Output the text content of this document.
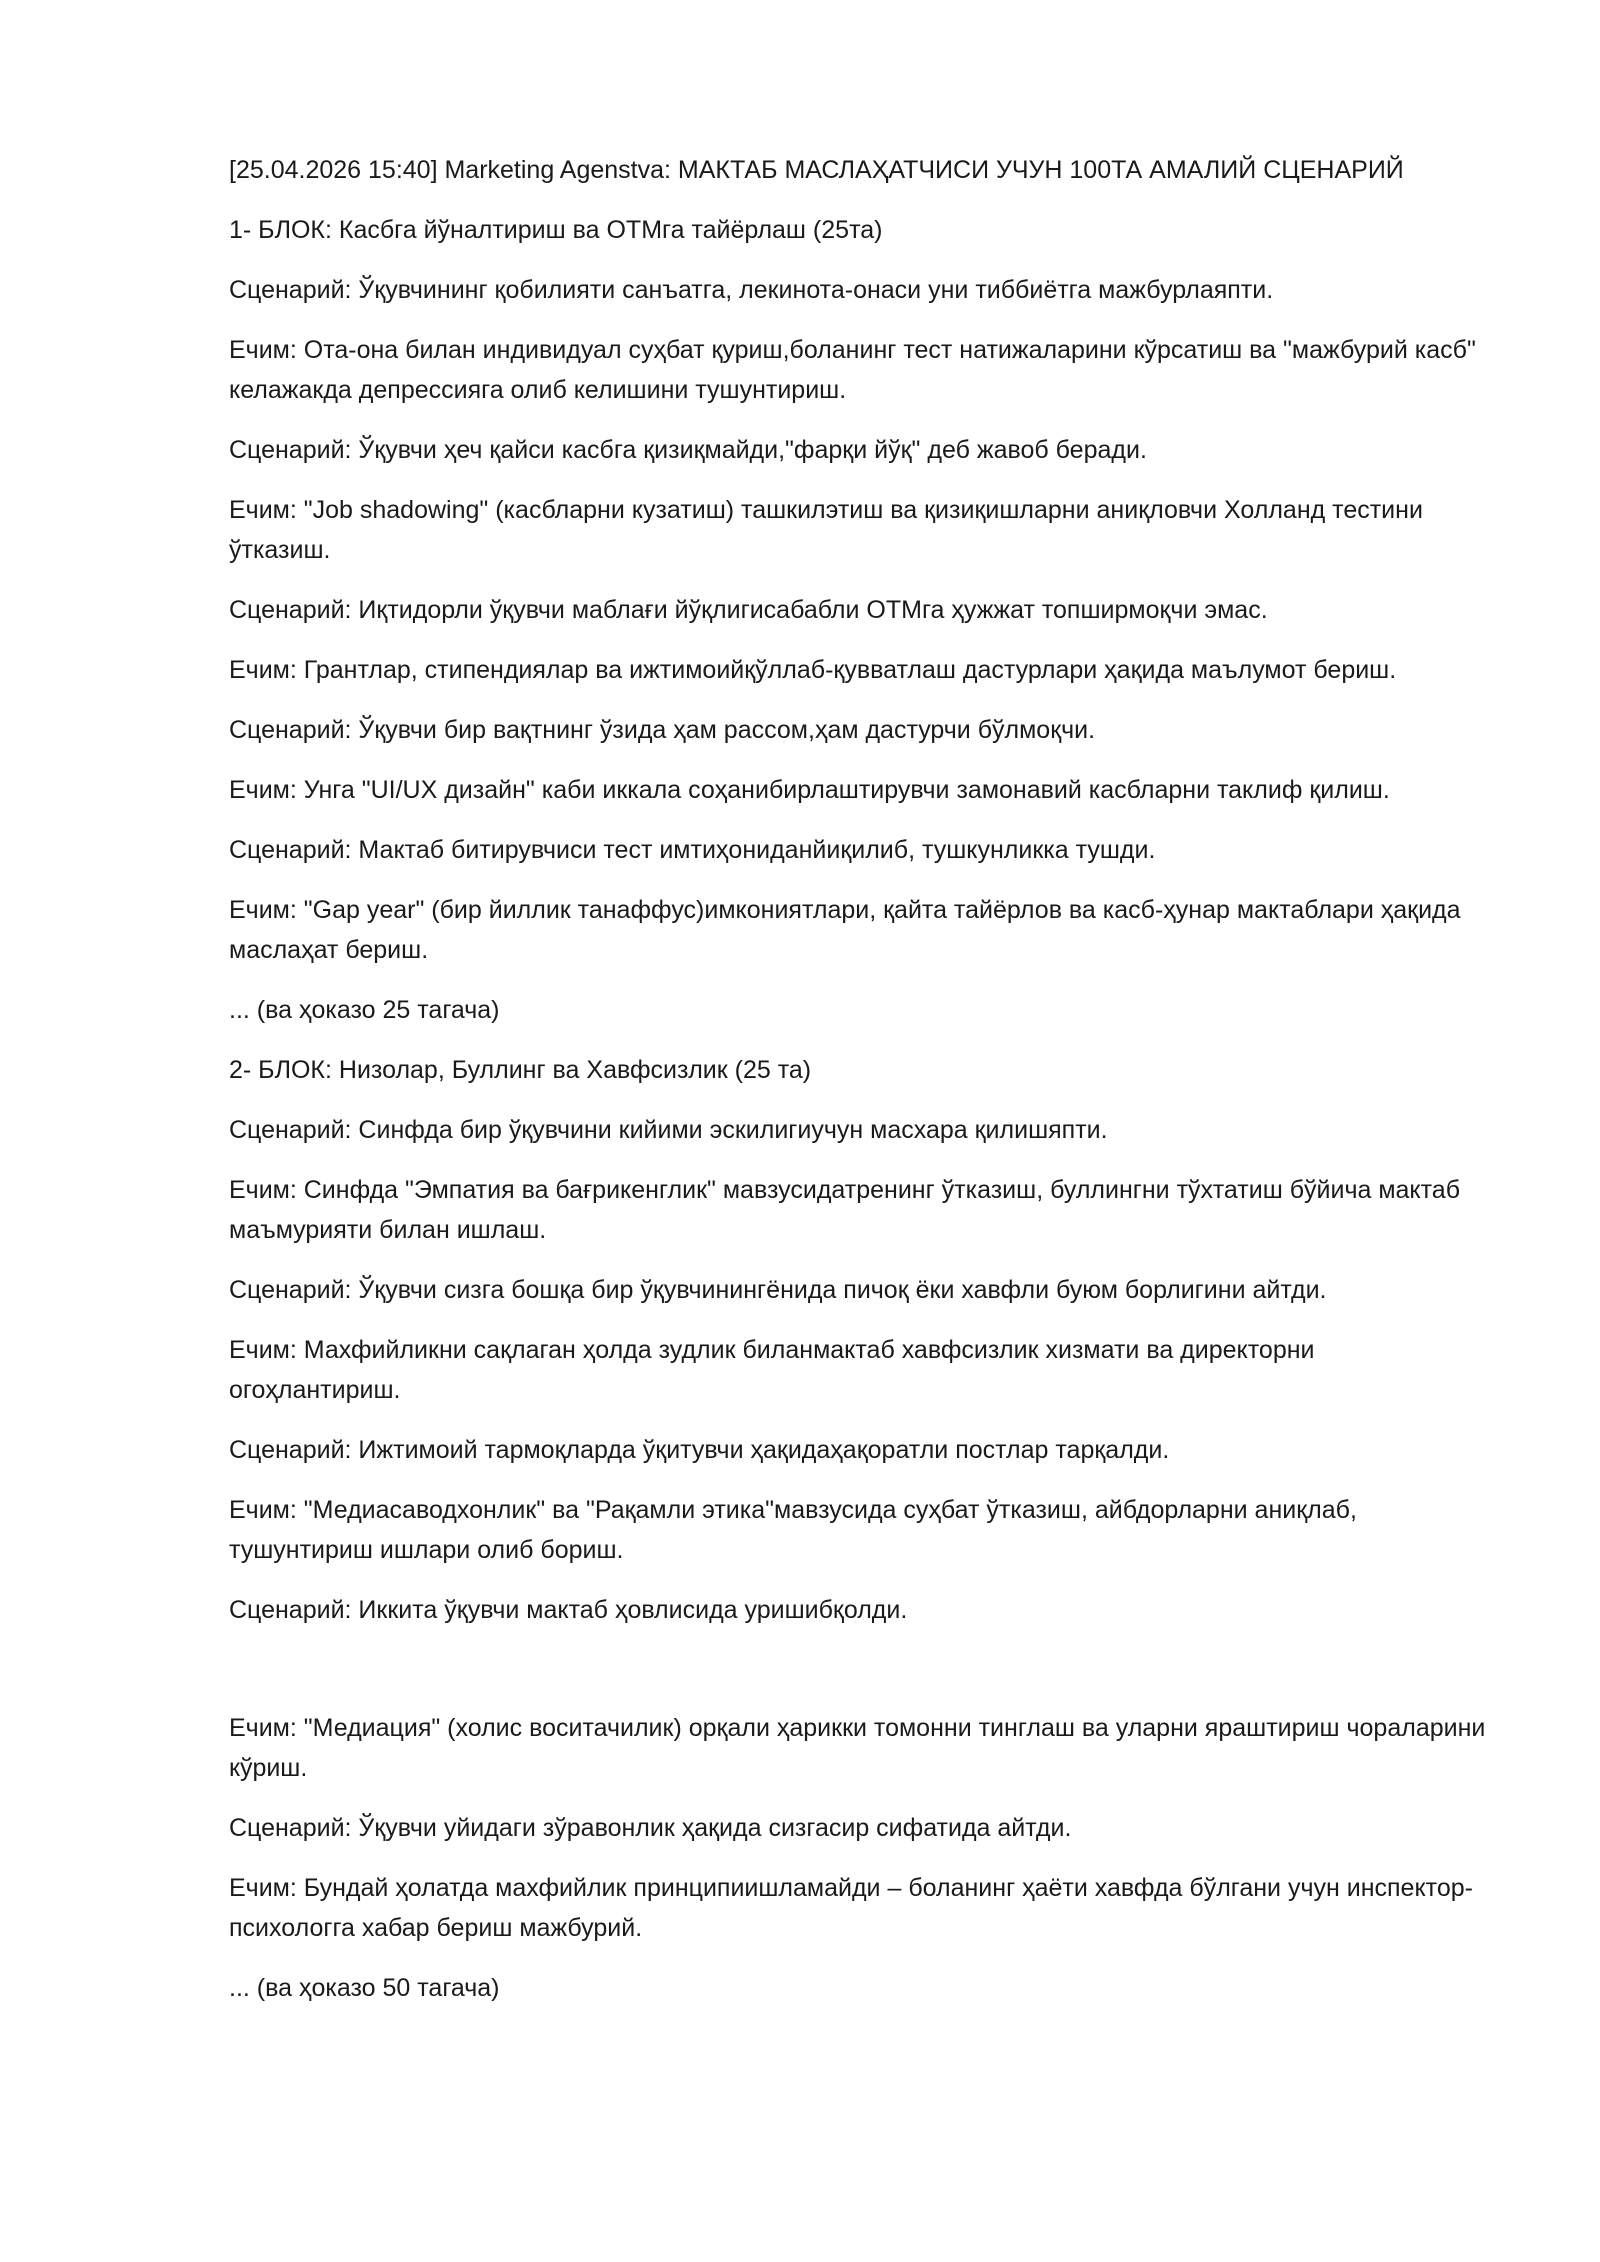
[25.04.2026 15:40] Marketing Agenstva: МАКТАБ МАСЛАҲАТЧИСИ УЧУН 100ТА АМАЛИЙ СЦЕНАРИЙ

1- БЛОК: Касбга йўналтириш ва ОТМга тайёрлаш (25та)

Сценарий: Ўқувчининг қобилияти санъатга, лекинота-онаси уни тиббиётга мажбурлаяпти.

Ечим: Ота-она билан индивидуал суҳбат қуриш,боланинг тест натижаларини кўрсатиш ва "мажбурий касб" келажакда депрессияга олиб келишини тушунтириш.

Сценарий: Ўқувчи ҳеч қайси касбга қизиқмайди,"фарқи йўқ" деб жавоб беради.

Ечим: "Job shadowing" (касбларни кузатиш) ташкилэтиш ва қизиқишларни аниқловчи Холланд тестини ўтказиш.

Сценарий: Иқтидорли ўқувчи маблағи йўқлигисабабли ОТМга ҳужжат топширмоқчи эмас.

Ечим: Грантлар, стипендиялар ва ижтимоийқўллаб-қувватлаш дастурлари ҳақида маълумот бериш.

Сценарий: Ўқувчи бир вақтнинг ўзида ҳам рассом,ҳам дастурчи бўлмоқчи.

Ечим: Унга "UI/UX дизайн" каби иккала соҳанибирлаштирувчи замонавий касбларни таклиф қилиш.

Сценарий: Мактаб битирувчиси тест имтиҳониданйиқилиб, тушкунликка тушди.

Ечим: "Gap year" (бир йиллик танаффус)имкониятлари, қайта тайёрлов ва касб-ҳунар мактаблари ҳақида маслаҳат бериш.

... (ва ҳоказо 25 тагача)

2- БЛОК: Низолар, Буллинг ва Хавфсизлик (25 та)

Сценарий: Синфда бир ўқувчини кийими эскилигиучун масхара қилишяпти.

Ечим: Синфда "Эмпатия ва бағрикенглик" мавзусидатренинг ўтказиш, буллингни тўхтатиш бўйича мактаб маъмурияти билан ишлаш.

Сценарий: Ўқувчи сизга бошқа бир ўқувчинингёнида пичоқ ёки хавфли буюм борлигини айтди.

Ечим: Махфийликни сақлаган ҳолда зудлик биланмактаб хавфсизлик хизмати ва директорни огоҳлантириш.

Сценарий: Ижтимоий тармоқларда ўқитувчи ҳақидаҳақоратли постлар тарқалди.

Ечим: "Медиасаводхонлик" ва "Рақамли этика"мавзусида суҳбат ўтказиш, айбдорларни аниқлаб, тушунтириш ишлари олиб бориш.

Сценарий: Иккита ўқувчи мактаб ҳовлисида уришибқолди.

Ечим: "Медиация" (холис воситачилик) орқали ҳарикки томонни тинглаш ва уларни яраштириш чораларини кўриш.

Сценарий: Ўқувчи уйидаги зўравонлик ҳақида сизгасир сифатида айтди.

Ечим: Бундай ҳолатда махфийлик принципиишламайди – боланинг ҳаёти хавфда бўлгани учун инспектор-психологга хабар бериш мажбурий.

... (ва ҳоказо 50 тагача)
